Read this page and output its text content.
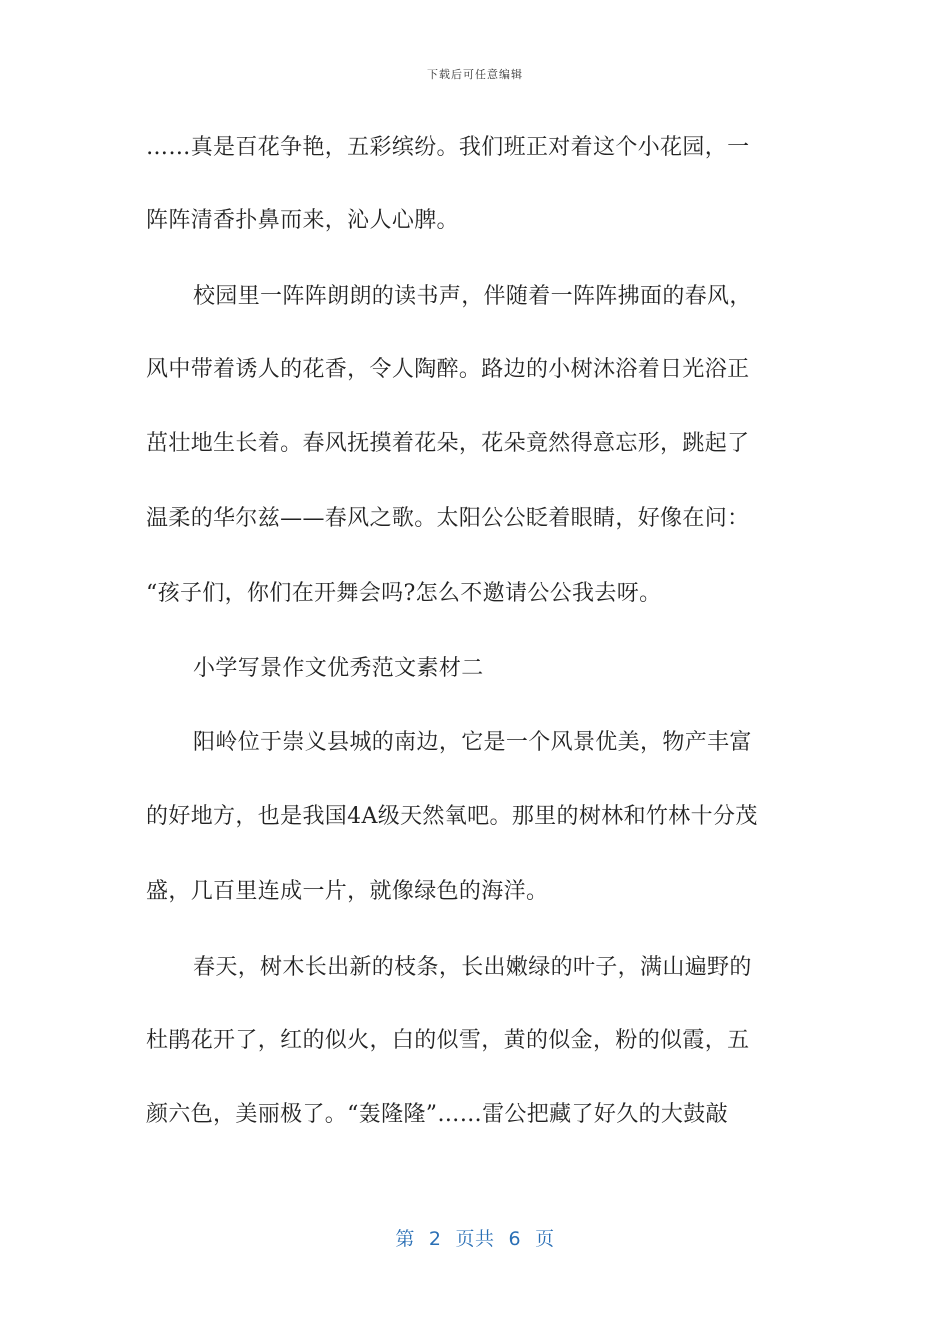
下载后可任意编辑
……真是百花争艳，五彩缤纷。我们班正对着这个小花园，一
阵阵清香扑鼻而来，沁人心脾。
校园里一阵阵朗朗的读书声，伴随着一阵阵拂面的春风，
风中带着诱人的花香，令人陶醉。路边的小树沐浴着日光浴正
茁壮地生长着。春风抚摸着花朵，花朵竟然得意忘形，跳起了
温柔的华尔兹——春风之歌。太阳公公眨着眼睛，好像在问：
“孩子们，你们在开舞会吗?怎么不邀请公公我去呀。
小学写景作文优秀范文素材二
阳岭位于崇义县城的南边，它是一个风景优美，物产丰富
的好地方，也是我国4A级天然氧吧。那里的树林和竹林十分茂
盛，几百里连成一片，就像绿色的海洋。
春天，树木长出新的枝条，长出嫩绿的叶子，满山遍野的
杜鹃花开了，红的似火，白的似雪，黄的似金，粉的似霞，五
颜六色，美丽极了。“轰隆隆”……雷公把藏了好久的大鼓敲
第 2 页共 6 页
